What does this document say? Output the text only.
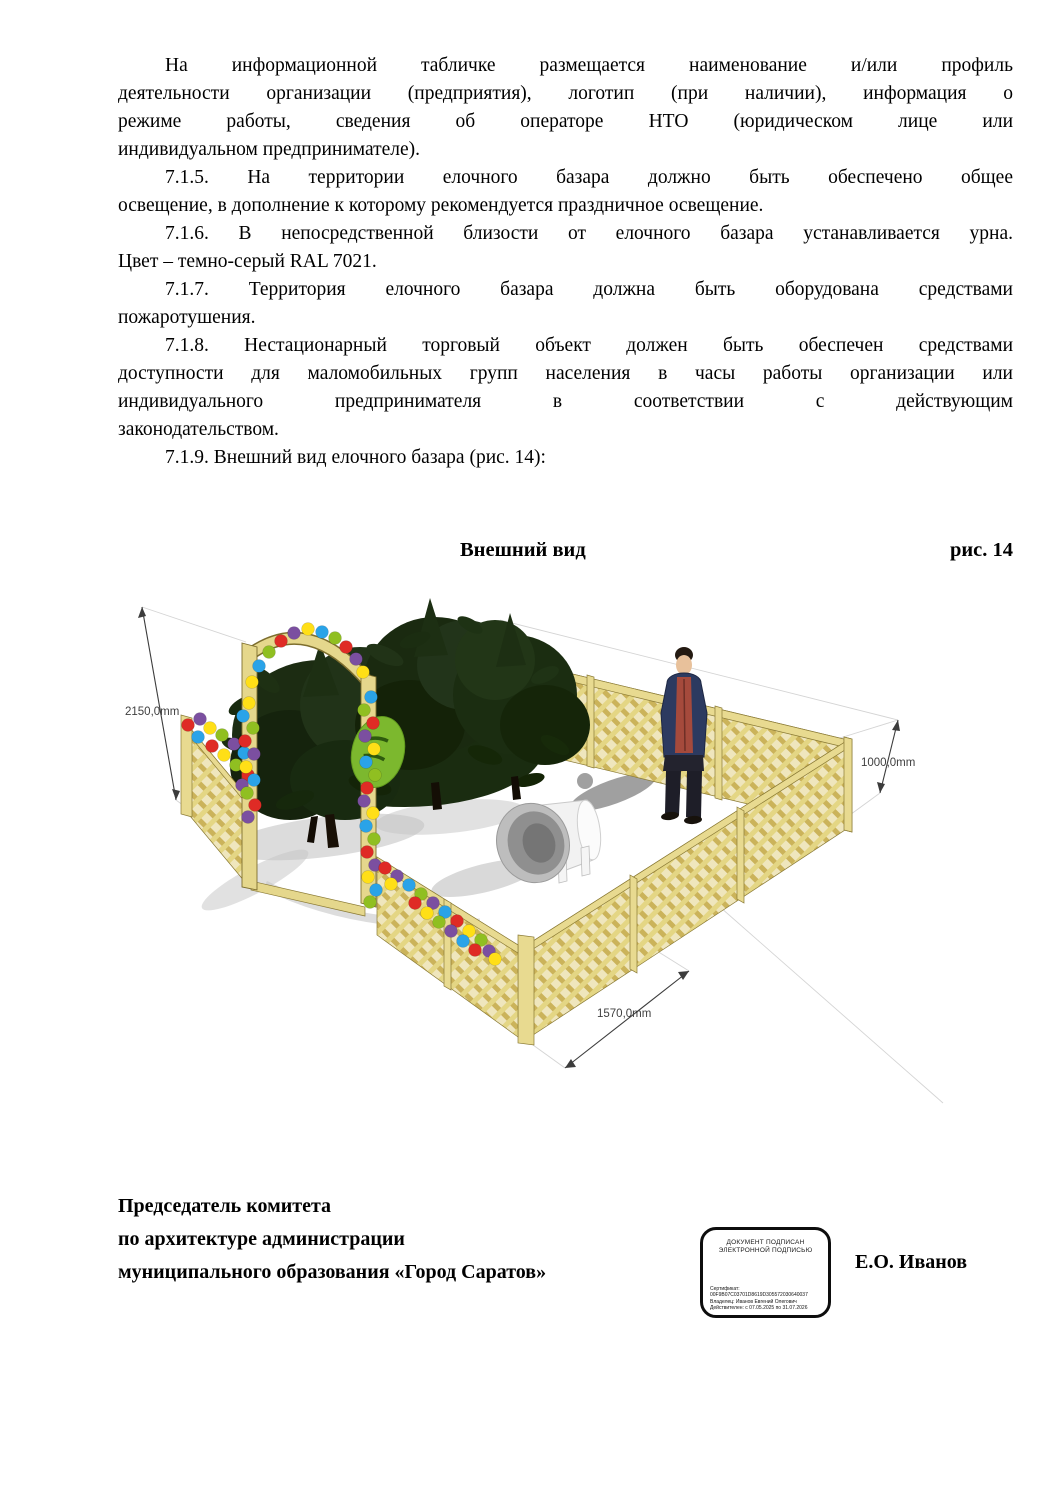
На информационной табличке размещается наименование и/или профиль
деятельности организации (предприятия), логотип (при наличии), информация о
режиме работы, сведения об операторе НТО (юридическом лице или
индивидуальном предпринимателе).
7.1.5. На территории елочного базара должно быть обеспечено общее
освещение, в дополнение к которому рекомендуется праздничное освещение.
7.1.6. В непосредственной близости от елочного базара устанавливается урна.
Цвет – темно-серый RAL 7021.
7.1.7. Территория елочного базара должна быть оборудована средствами
пожаротушения.
7.1.8. Нестационарный торговый объект должен быть обеспечен средствами
доступности для маломобильных групп населения в часы работы организации или
индивидуального предпринимателя в соответствии с действующим
законодательством.
7.1.9. Внешний вид елочного базара (рис. 14):
Внешний вид	рис. 14
2150,0mm
1000,0mm
1570,0mm
Председатель комитета
по архитектуре администрации
муниципального образования «Город Саратов»
ДОКУМЕНТ ПОДПИСАН
ЭЛЕКТРОННОЙ ПОДПИСЬЮ
Сертификат:
00F9B07C03701D8619D305572030640037
Владелец: Иванов Евгений Олегович
Действителен: с 07.05.2025 по 31.07.2026
Е.О. Иванов
